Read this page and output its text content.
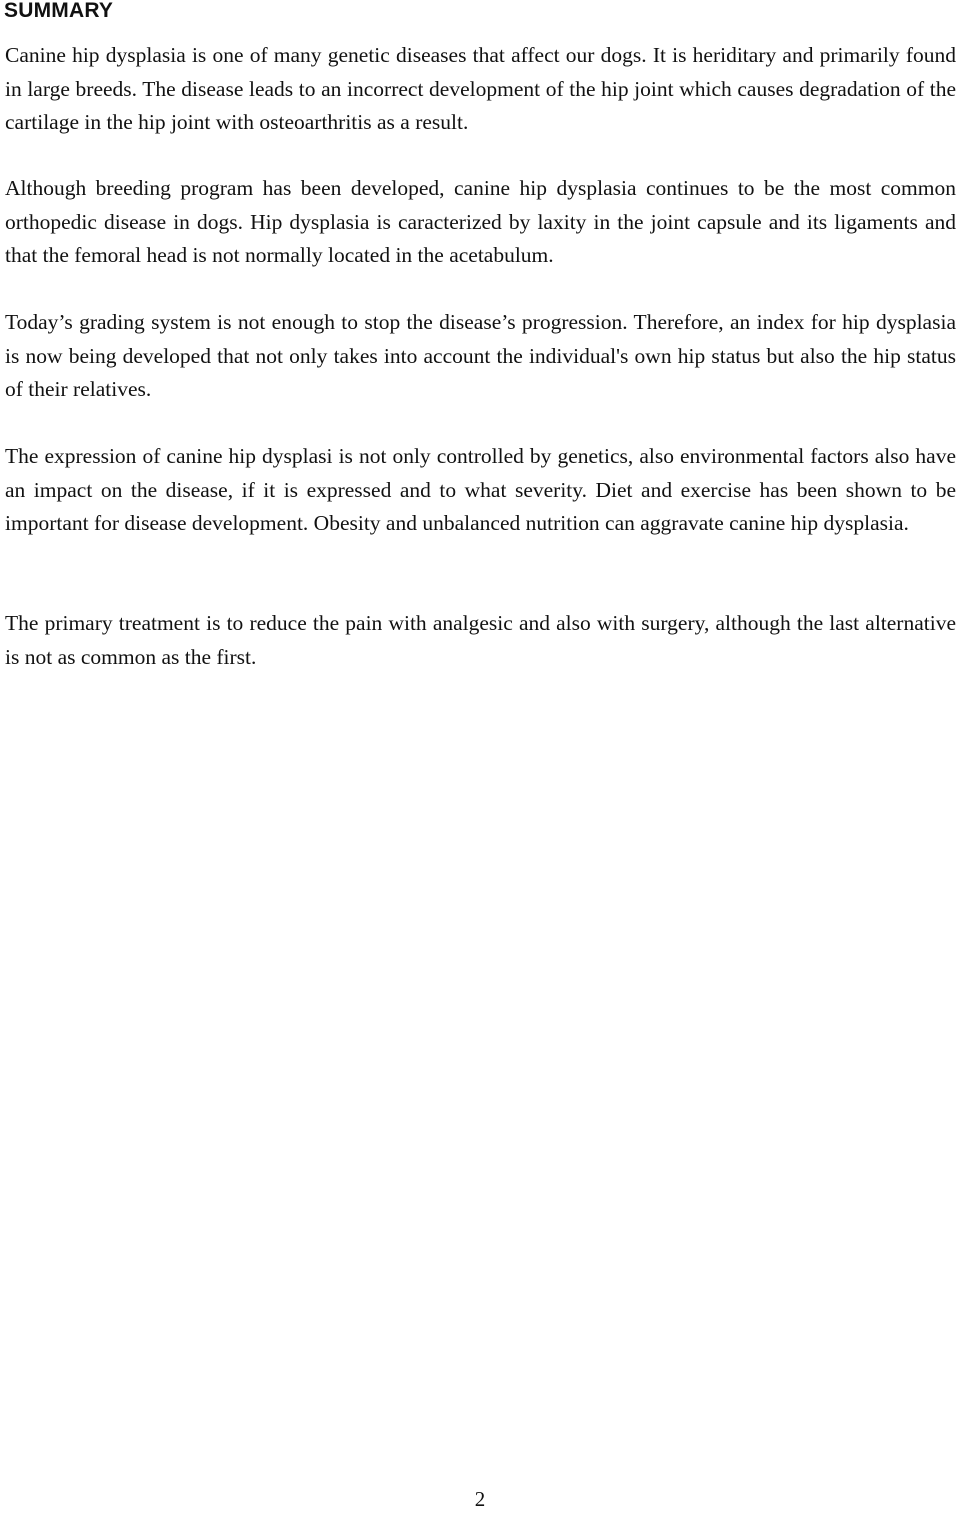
SUMMARY

Canine hip dysplasia is one of many genetic diseases that affect our dogs. It is heriditary and primarily found in large breeds. The disease leads to an incorrect development of the hip joint which causes degradation of the cartilage in the hip joint with osteoarthritis as a result.

Although breeding program has been developed, canine hip dysplasia continues to be the most common orthopedic disease in dogs. Hip dysplasia is caracterized by laxity in the joint capsule and its ligaments and that the femoral head is not normally located in the acetabulum.

Today’s grading system is not enough to stop the disease’s progression. Therefore, an index for hip dysplasia is now being developed that not only takes into account the individual's own hip status but also the hip status of their relatives.

The expression of canine hip dysplasi is not only controlled by genetics, also environmental factors also have an impact on the disease, if it is expressed and to what severity. Diet and exercise has been shown to be important for disease development. Obesity and unbalanced nutrition can aggravate canine hip dysplasia.

The primary treatment is to reduce the pain with analgesic and also with surgery, although the last alternative is not as common as the first.

2
